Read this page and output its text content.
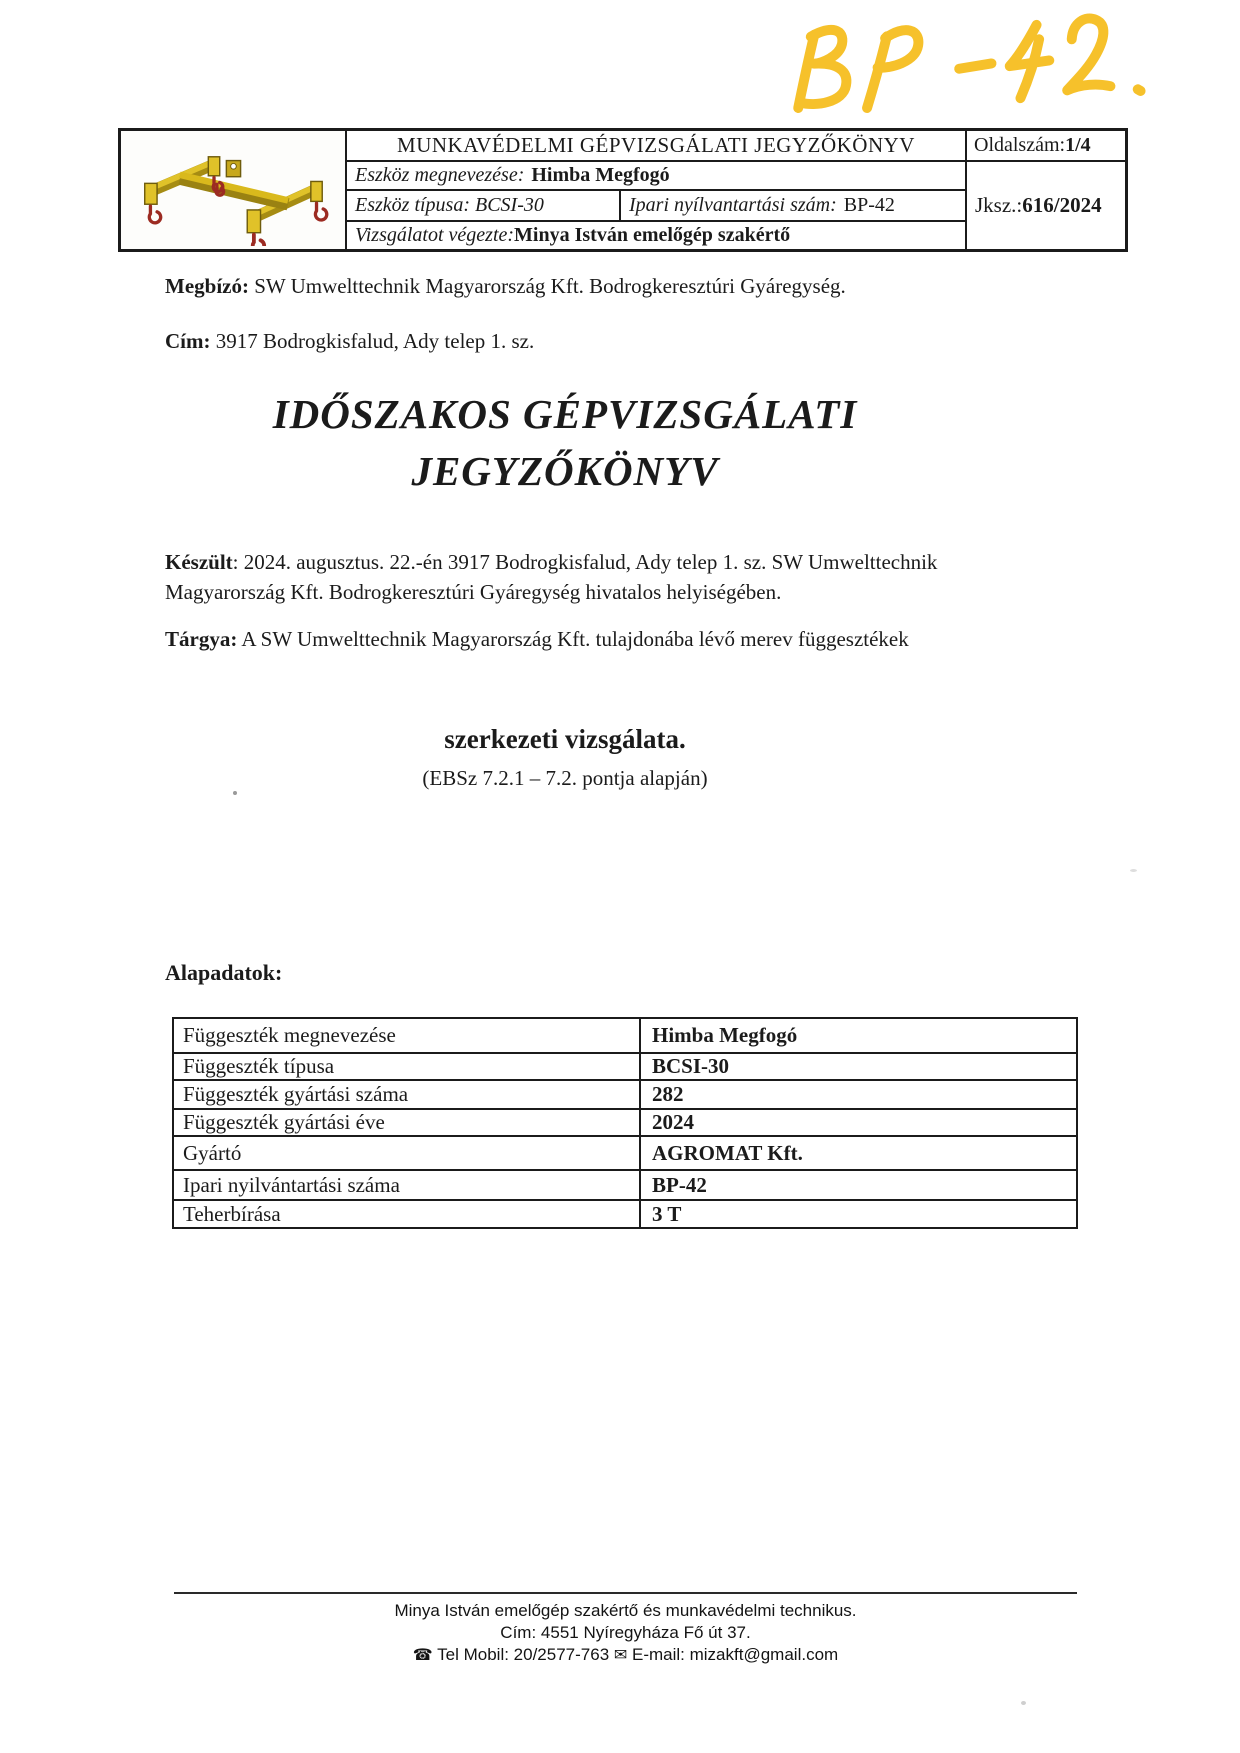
MUNKAVÉDELMI GÉPVIZSGÁLATI JEGYZŐKÖNYV	Oldalszám: 1/4
Eszköz megnevezése: Himba Megfogó
Eszköz típusa: BCSI-30	Ipari nyílvantartási szám: BP-42
Vizsgálatot végezte: Minya István emelőgép szakértő
Jksz.: 616/2024
Megbízó: SW Umwelttechnik Magyarország Kft. Bodrogkeresztúri Gyáregység.
Cím: 3917 Bodrogkisfalud, Ady telep 1. sz.
IDŐSZAKOS GÉPVIZSGÁLATI
JEGYZŐKÖNYV
Készült: 2024. augusztus. 22.-én 3917 Bodrogkisfalud, Ady telep 1. sz. SW Umwelttechnik Magyarország Kft. Bodrogkeresztúri Gyáregység hivatalos helyiségében.
Tárgya: A SW Umwelttechnik Magyarország Kft. tulajdonába lévő merev függesztékek
szerkezeti vizsgálata.
(EBSz 7.2.1 – 7.2. pontja alapján)
Alapadatok:
Függeszték megnevezése	Himba Megfogó
Függeszték típusa	BCSI-30
Függeszték gyártási száma	282
Függeszték gyártási éve	2024
Gyártó	AGROMAT Kft.
Ipari nyilvántartási száma	BP-42
Teherbírása	3 T

Minya István emelőgép szakértő és munkavédelmi technikus.

Cím: 4551 Nyíregyháza Fő út 37.

☎ Tel Mobil: 20/2577-763 ✉ E-mail: mizakft@gmail.com
